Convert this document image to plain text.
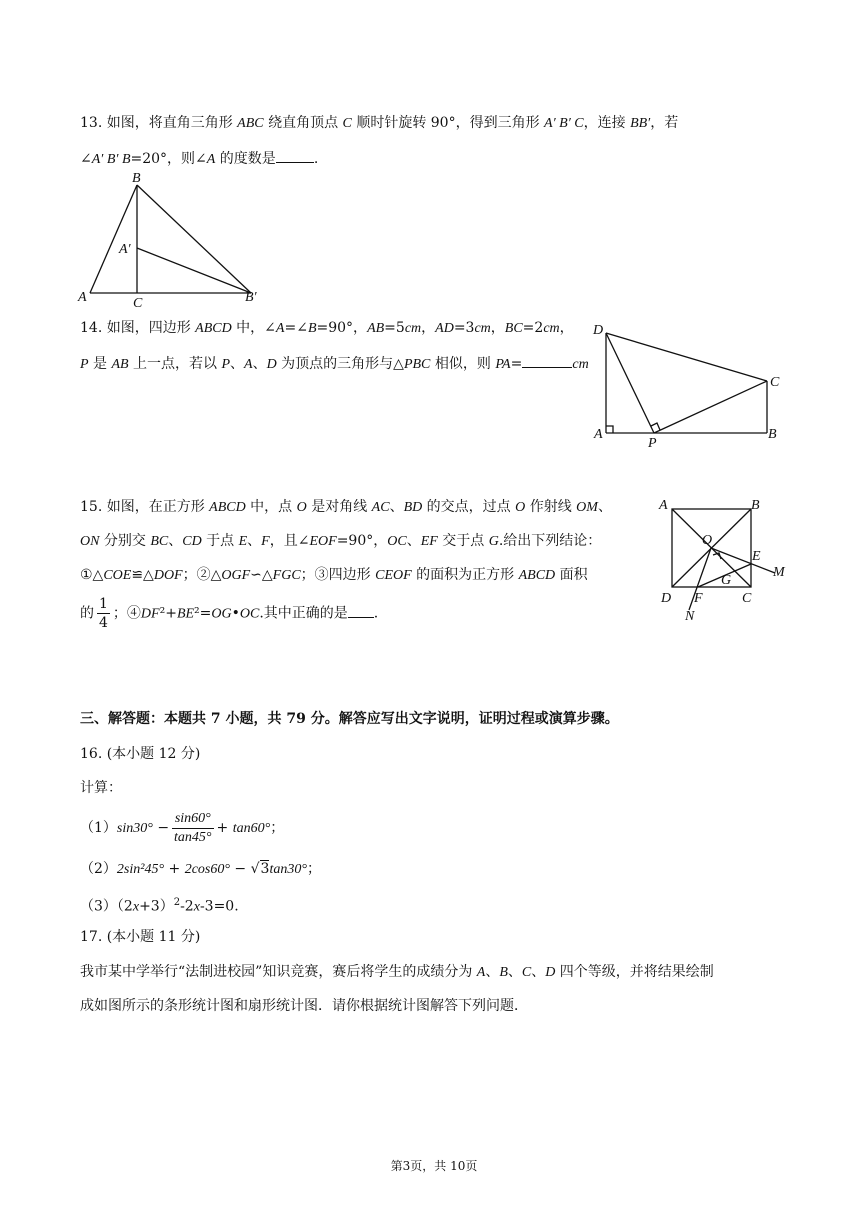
13. 如图，将直角三角形 ABC 绕直角顶点 C 顺时针旋转 90°，得到三角形 A′ B′ C，连接 BB′，若
∠A′ B′ B=20°，则∠A 的度数是	.
B
A′
A	C	B′
14. 如图，四边形 ABCD 中，∠A=∠B=90°，AB=5cm，AD=3cm，BC=2cm，
P 是 AB 上一点，若以 P、A、D 为顶点的三角形与△PBC 相似，则 PA=	cm
D
C
A
P
B
15. 如图，在正方形 ABCD 中，点 O 是对角线 AC、BD 的交点，过点 O 作射线 OM、
ON 分别交 BC、CD 于点 E、F，且∠EOF=90°，OC、EF 交于点 G.给出下列结论：
①△COE≌△DOF；②△OGF∽△FGC；③四边形 CEOF 的面积为正方形 ABCD 面积
的 $\frac{1}{4}$ ；④DF²+BE²=OG•OC.其中正确的是 .
A	B
O
E
M
G
D F	C
N
三、解答题：本题共 7 小题，共 79 分。解答应写出文字说明，证明过程或演算步骤。
16. (本小题 12 分)
计算：
$(1)\sin 30^\circ - \frac{\sin 60^\circ}{\tan 45^\circ} + \tan 60^\circ$；
（2）2sin²45° + 2cos60° − √3tan30°；
$(3)(2x+3)^2-2x-3=0$.
17. (本小题 11 分)
我市某中学举行“法制进校园”知识竞赛，赛后将学生的成绩分为 A、B、C、D 四个等级，并将结果绘制
成如图所示的条形统计图和扇形统计图．请你根据统计图解答下列问题．
第3页，共 10页
